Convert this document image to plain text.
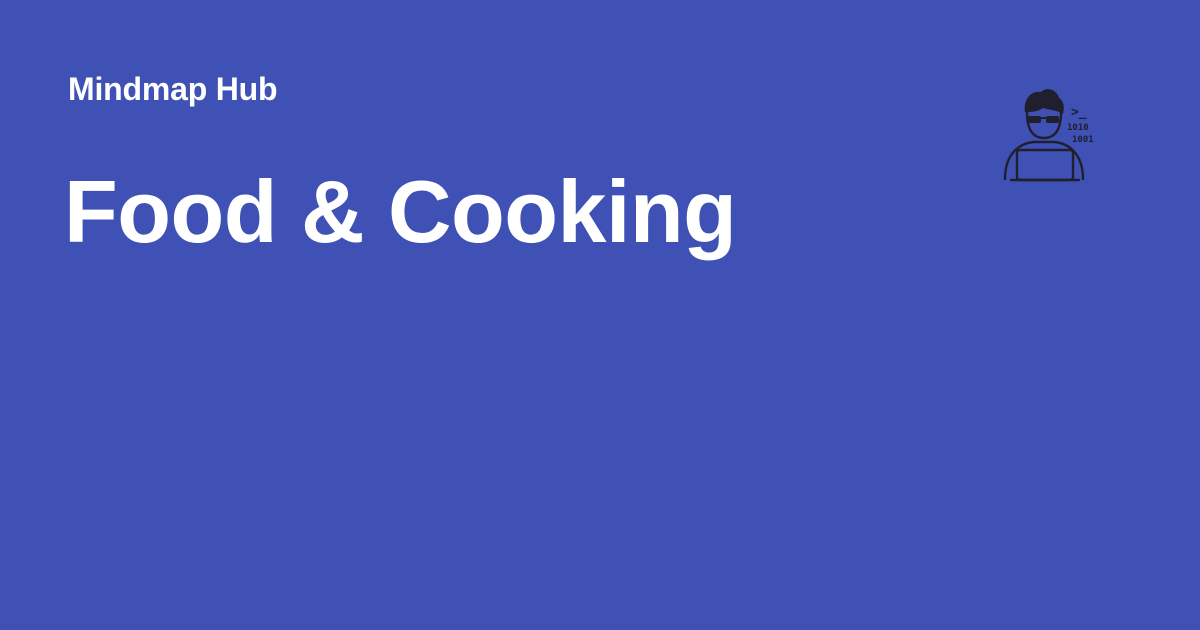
Mindmap Hub
Food & Cooking
>_
1010
1001
